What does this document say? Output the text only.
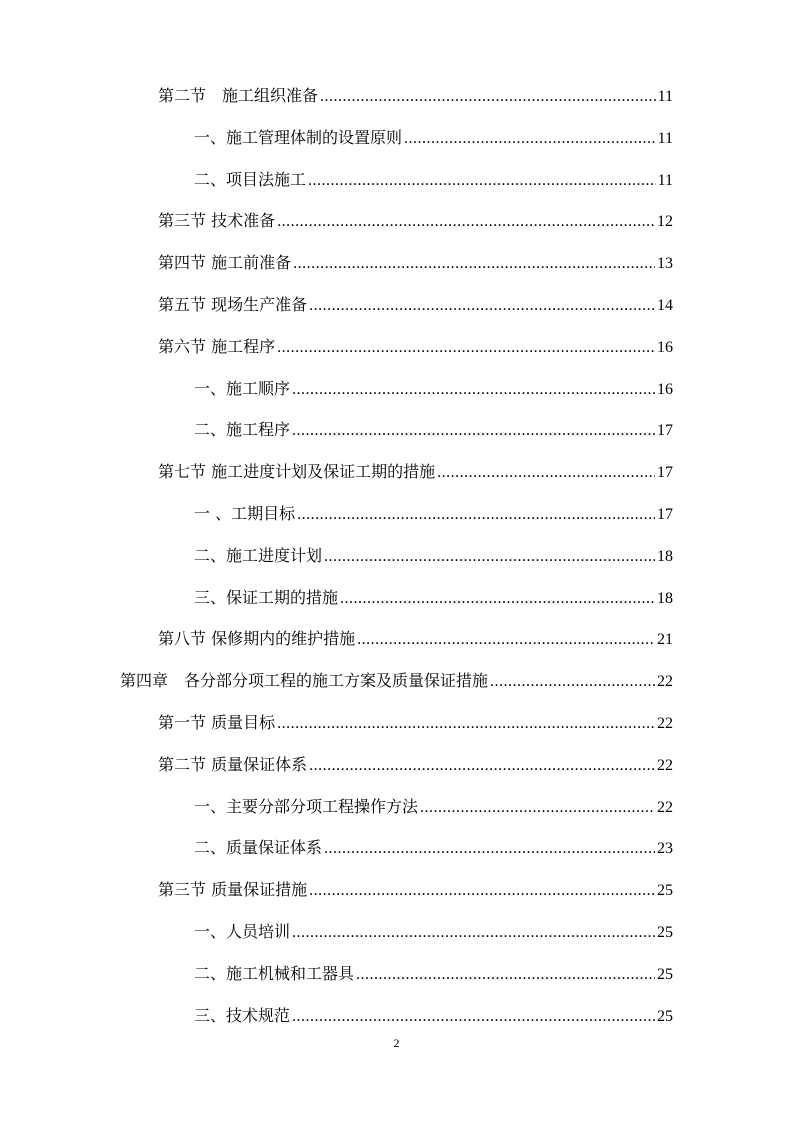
第二节　施工组织准备 .....	11
一、施工管理体制的设置原则 .....	11
二、项目法施工 .....	11
第三节 技术准备 .....	12
第四节 施工前准备 .....	13
第五节 现场生产准备 .....	14
第六节 施工程序 .....	16
一、施工顺序 .....	16
二、施工程序 .....	17
第七节 施工进度计划及保证工期的措施 .....	17
一 、工期目标 .....	17
二、施工进度计划 .....	18
三、保证工期的措施 .....	18
第八节 保修期内的维护措施 .....	21
第四章　各分部分项工程的施工方案及质量保证措施 .....	22
第一节 质量目标 .....	22
第二节 质量保证体系 .....	22
一、主要分部分项工程操作方法 .....	22
二、质量保证体系 .....	23
第三节 质量保证措施 .....	25
一、人员培训 .....	25
二、施工机械和工器具 .....	25
三、技术规范 .....	25
2
